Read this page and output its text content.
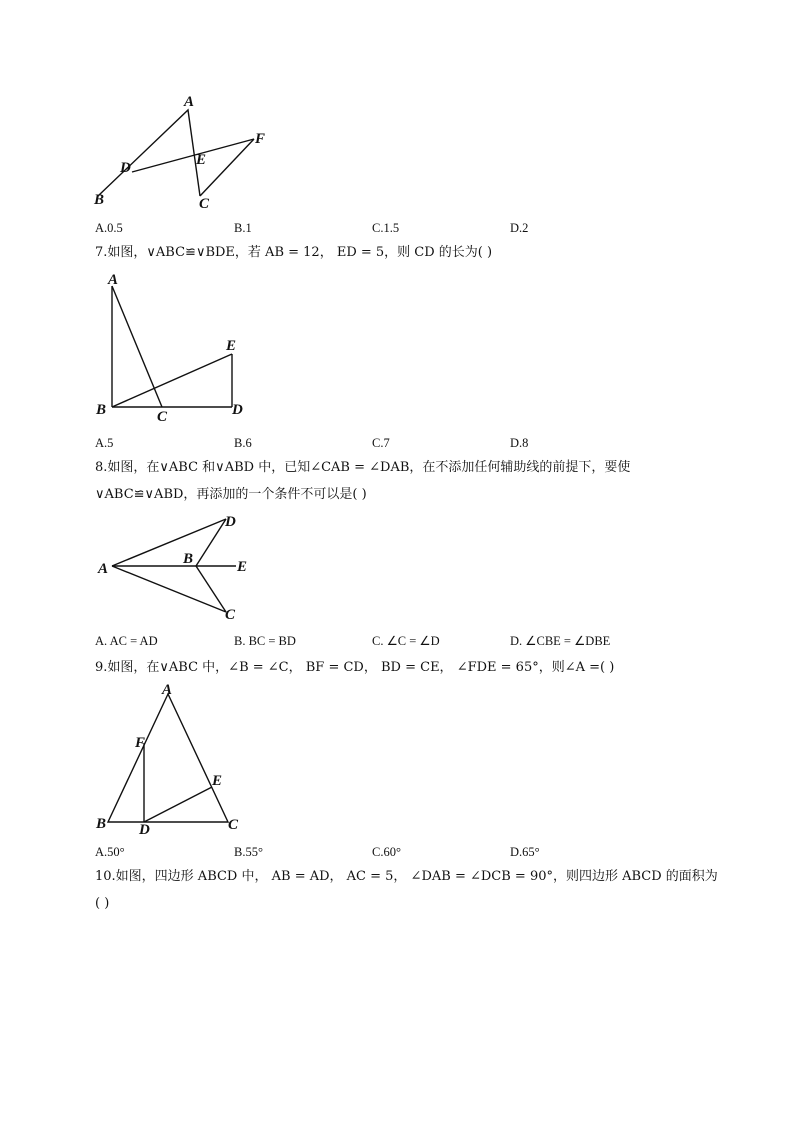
A
B	C
D	E
F
A.0.5	B.1	C.1.5	D.2
7.如图，∨ABC≌∨BDE，若 AB = 12， ED = 5，则 CD 的长为( )
A
B	C	D
E
A.5	B.6	C.7	D.8
8.如图，在∨ABC 和∨ABD 中，已知∠CAB = ∠DAB，在不添加任何辅助线的前提下，要使
∨ABC≌∨ABD，再添加的一个条件不可以是( )
A
B
C
D
E
A. AC = AD	B. BC = BD	C. ∠C = ∠D	D. ∠CBE = ∠DBE
9.如图，在∨ABC 中，∠B = ∠C， BF = CD， BD = CE， ∠FDE = 65°，则∠A =( )
A
B	C
D
E
F
A.50°	B.55°	C.60°	D.65°
10.如图，四边形 ABCD 中， AB = AD， AC = 5， ∠DAB = ∠DCB = 90°，则四边形 ABCD 的面积为
( )
